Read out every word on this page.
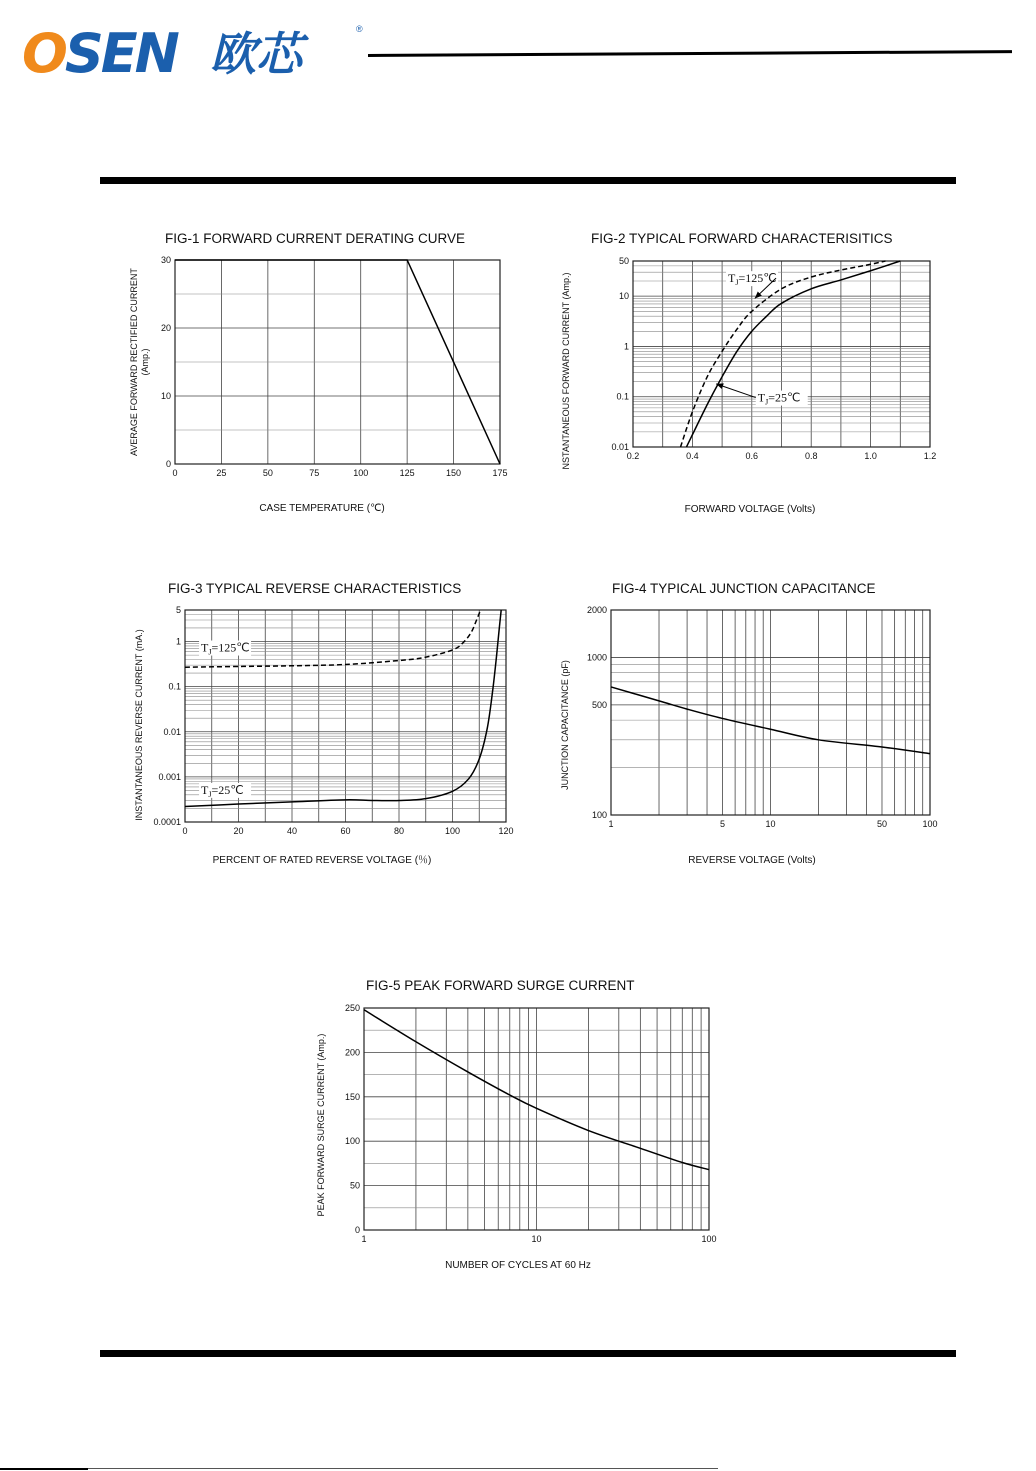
OSEN 欧芯	®
0	25	50	75	100	125	150	175
0
10
20
30
FIG-1 FORWARD CURRENT DERATING CURVE
CASE TEMPERATURE (℃)
AVERAGE FORWARD RECTIFIED CURRENT (Amp.)
0.2	0.4	0.6	0.8	1.0	1.2
0.01
0.1
1
10
50
FIG-2 TYPICAL FORWARD CHARACTERISITICS
FORWARD VOLTAGE (Volts)
NSTANTANEOUS FORWARD CURRENT (Amp.)	$T_J=125℃$
$T_J=25℃$
0	20	40	60	80	100	120
0.0001
0.001
0.01
0.1
1
5
FIG-3 TYPICAL REVERSE CHARACTERISTICS
PERCENT OF RATED REVERSE VOLTAGE (％)
INSTANTANEOUS REVERSE CURRENT (mA.)	$T_J=125℃$
$T_J=25℃$
1	5	10	50	100
100
500
1000
2000
FIG-4 TYPICAL JUNCTION CAPACITANCE
REVERSE VOLTAGE (Volts)
JUNCTION CAPACITANCE (pF)
1	10	100
0
50
100
150
200
250
FIG-5 PEAK FORWARD SURGE CURRENT
NUMBER OF CYCLES AT 60 Hz
PEAK FORWARD SURGE CURRENT (Amp.)
